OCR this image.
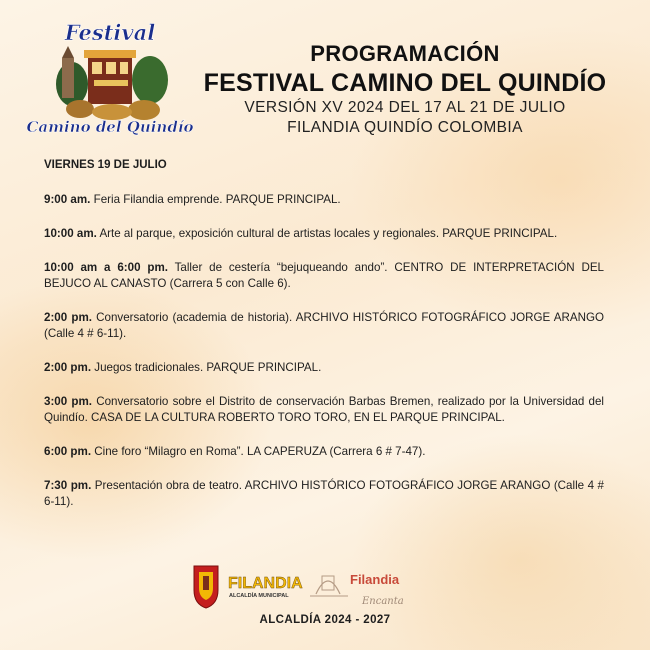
Festival
Camino del Quindío
PROGRAMACIÓN
FESTIVAL CAMINO DEL QUINDÍO
VERSIÓN XV 2024 DEL 17 AL 21 DE JULIO
FILANDIA QUINDÍO COLOMBIA
VIERNES 19 DE JULIO
9:00 am. Feria Filandia emprende. PARQUE PRINCIPAL.
10:00 am. Arte al parque, exposición cultural de artistas locales y regionales. PARQUE PRINCIPAL.
10:00 am a 6:00 pm. Taller de cestería “bejuqueando ando”. CENTRO DE INTERPRETACIÓN DEL BEJUCO AL CANASTO (Carrera 5 con Calle 6).
2:00 pm. Conversatorio (academia de historia). ARCHIVO HISTÓRICO FOTOGRÁFICO JORGE ARANGO (Calle 4 # 6-11).
2:00 pm. Juegos tradicionales. PARQUE PRINCIPAL.
3:00 pm. Conversatorio sobre el Distrito de conservación Barbas Bremen, realizado por la Universidad del Quindío. CASA DE LA CULTURA ROBERTO TORO TORO, EN EL PARQUE PRINCIPAL.
6:00 pm. Cine foro “Milagro en Roma”. LA CAPERUZA (Carrera 6 # 7-47).
7:30 pm. Presentación obra de teatro. ARCHIVO HISTÓRICO FOTOGRÁFICO JORGE ARANGO (Calle 4 # 6-11).
FILANDIA
ALCALDÍA MUNICIPAL
Filandia
Encanta
ALCALDÍA 2024 - 2027
